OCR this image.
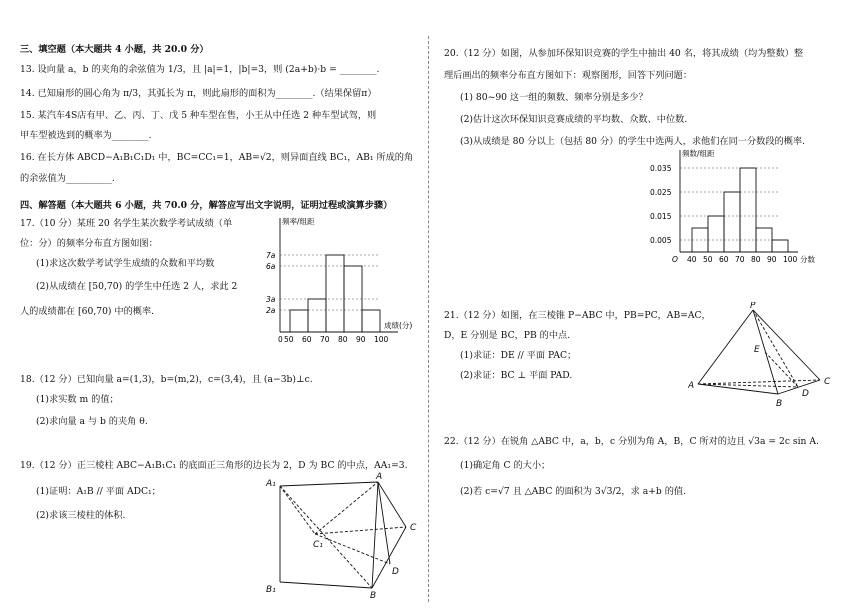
三、填空题（本大题共 4 小题，共 20.0 分）
13. 设向量 a，b 的夹角的余弦值为 1/3，且 |a|=1，|b|=3，则 (2a+b)·b = ________.
14. 已知扇形的圆心角为 π/3，其弧长为 π，则此扇形的面积为________.（结果保留π）
15. 某汽车4S店有甲、乙、丙、丁、戊 5 种车型在售，小王从中任选 2 种车型试驾，则
甲车型被选到的概率为________.
16. 在长方体 ABCD−A₁B₁C₁D₁ 中，BC=CC₁=1，AB=√2，则异面直线 BC₁，AB₁ 所成的角
的余弦值为__________.
四、解答题（本大题共 6 小题，共 70.0 分，解答应写出文字说明，证明过程或演算步骤）
17.（10 分）某班 20 名学生某次数学考试成绩（单
位：分）的频率分布直方图如图：
(1)求这次数学考试学生成绩的众数和平均数
(2)从成绩在 [50,70) 的学生中任选 2 人，求此 2
人的成绩都在 [60,70) 中的概率.
频率/组距
成绩(分)
2a
3a
6a
7a
0 50 60 70 80 90 100
18.（12 分）已知向量 a=(1,3)，b=(m,2)，c=(3,4)，且 (a−3b)⊥c.
(1)求实数 m 的值；
(2)求向量 a 与 b 的夹角 θ.
19.（12 分）正三棱柱 ABC−A₁B₁C₁ 的底面正三角形的边长为 2，D 为 BC 的中点，AA₁=3.
(1)证明：A₁B // 平面 ADC₁；
(2)求该三棱柱的体积.
A₁
A
C₁
C
D
B₁
B
20.（12 分）如图，从参加环保知识竞赛的学生中抽出 40 名，将其成绩（均为整数）整
理后画出的频率分布直方图如下：观察图形，回答下列问题：
(1) 80~90 这一组的频数、频率分别是多少？
(2)估计这次环保知识竞赛成绩的平均数、众数、中位数.
(3)从成绩是 80 分以上（包括 80 分）的学生中选两人，求他们在同一分数段的概率.
频数/组距
分数
0.005
0.015
0.025
0.035
O 40 50 60 70 80 90 100
21.（12 分）如图，在三棱锥 P−ABC 中，PB=PC，AB=AC，
D，E 分别是 BC，PB 的中点.
(1)求证：DE // 平面 PAC；
(2)求证：BC ⊥ 平面 PAD.
P
E
A	C
D
B
22.（12 分）在锐角 △ABC 中，a，b，c 分别为角 A，B，C 所对的边且 √3a = 2c sin A.
(1)确定角 C 的大小；
(2)若 c=√7 且 △ABC 的面积为 3√3/2，求 a+b 的值.
